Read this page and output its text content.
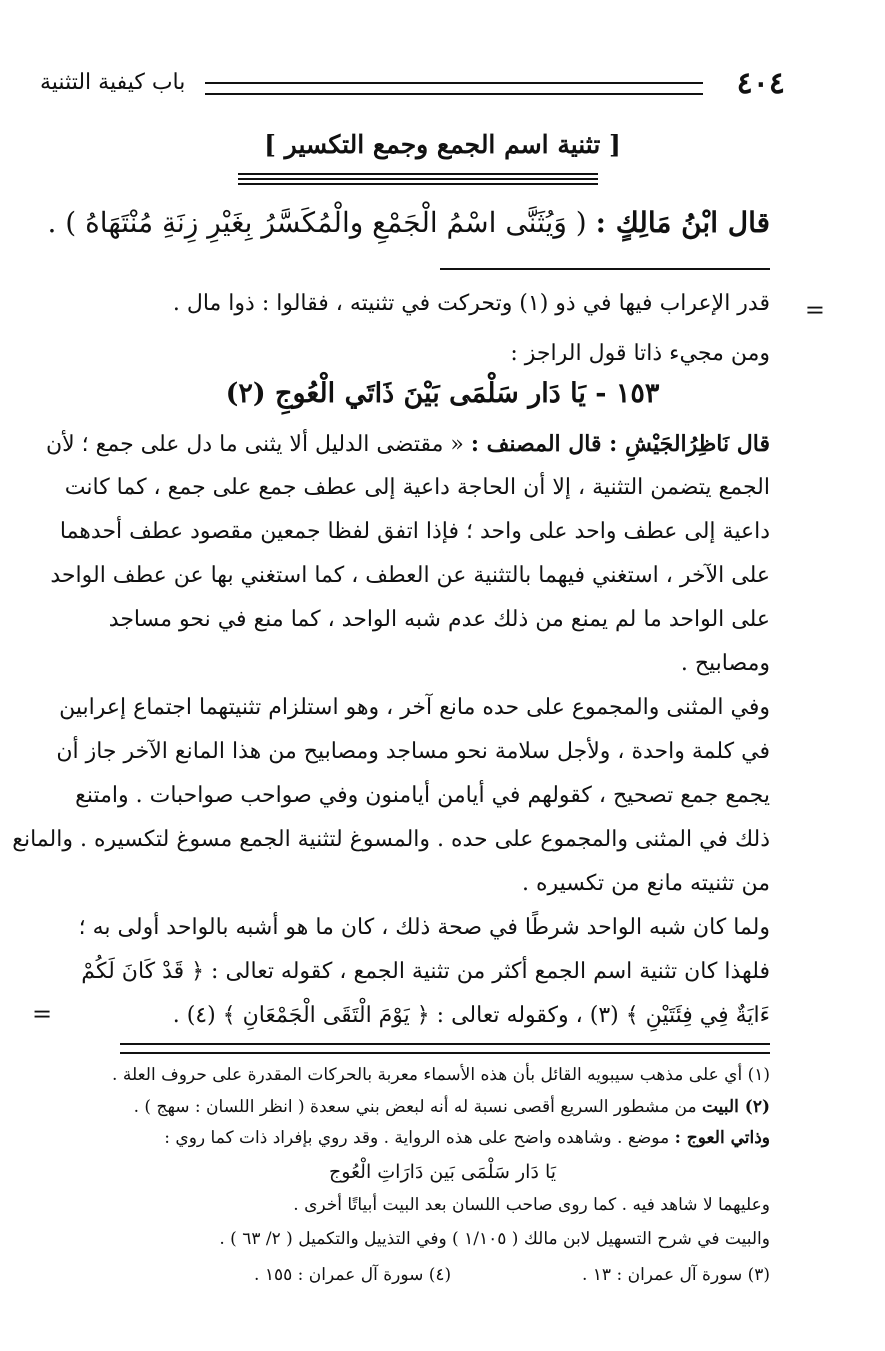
٤٠٤
باب كيفية التثنية
[ تثنية اسم الجمع وجمع التكسير ]
قال ابْنُ مَالِكٍ : ( وَيُثَنَّى اسْمُ الْجَمْعِ والْمُكَسَّرُ بِغَيْرِ زِنَةِ مُنْتَهَاهُ ) .
=
قدر الإعراب فيها في ذو (١) وتحركت في تثنيته ، فقالوا : ذوا مال .
ومن مجيء ذاتا قول الراجز :
١٥٣ - يَا دَار سَلْمَى بَيْنَ ذَاتَي الْعُوجِ (٢)
قال نَاظِرُالجَيْشِ : قال المصنف : « مقتضى الدليل ألا يثنى ما دل على جمع ؛ لأن
الجمع يتضمن التثنية ، إلا أن الحاجة داعية إلى عطف جمع على جمع ، كما كانت
داعية إلى عطف واحد على واحد ؛ فإذا اتفق لفظا جمعين مقصود عطف أحدهما
على الآخر ، استغني فيهما بالتثنية عن العطف ، كما استغني بها عن عطف الواحد
على الواحد ما لم يمنع من ذلك عدم شبه الواحد ، كما منع في نحو مساجد
ومصابيح .
وفي المثنى والمجموع على حده مانع آخر ، وهو استلزام تثنيتهما اجتماع إعرابين
في كلمة واحدة ، ولأجل سلامة نحو مساجد ومصابيح من هذا المانع الآخر جاز أن
يجمع جمع تصحيح ، كقولهم في أيامن أيامنون وفي صواحب صواحبات . وامتنع
ذلك في المثنى والمجموع على حده . والمسوغ لتثنية الجمع مسوغ لتكسيره . والمانع
من تثنيته مانع من تكسيره .
ولما كان شبه الواحد شرطًا في صحة ذلك ، كان ما هو أشبه بالواحد أولى به ؛
فلهذا كان تثنية اسم الجمع أكثر من تثنية الجمع ، كقوله تعالى : ﴿ قَدْ كَانَ لَكُمْ
ءَايَةٌ فِي فِئَتَيْنِ ﴾ (٣) ، وكقوله تعالى : ﴿ يَوْمَ الْتَقَى الْجَمْعَانِ ﴾ (٤) .
=
(١) أي على مذهب سيبويه القائل بأن هذه الأسماء معربة بالحركات المقدرة على حروف العلة .
(٢) البيت من مشطور السريع أقصى نسبة له أنه لبعض بني سعدة ( انظر اللسان : سهج ) .
وذاتي العوج : موضع . وشاهده واضح على هذه الرواية . وقد روي بإفراد ذات كما روي :
يَا دَار سَلْمَى بَين دَارَاتِ الْعُوج
وعليهما لا شاهد فيه . كما روى صاحب اللسان بعد البيت أبياتًا أخرى .
والبيت في شرح التسهيل لابن مالك ( ١/١٠٥ ) وفي التذييل والتكميل ( ٢/ ٦٣ ) .
(٣) سورة آل عمران : ١٣ .  (٤) سورة آل عمران : ١٥٥ .
